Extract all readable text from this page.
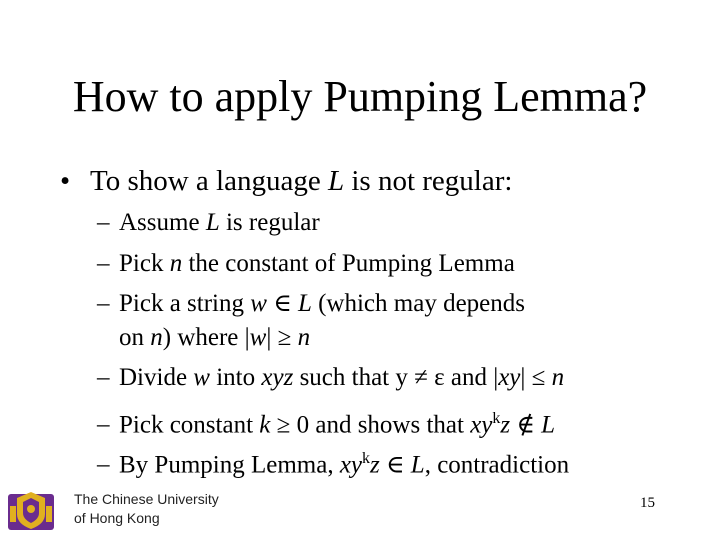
How to apply Pumping Lemma?
• To show a language L is not regular:
– Assume L is regular
– Pick n the constant of Pumping Lemma
– Pick a string w ∈ L (which may depends
on n) where |w| ≥ n
– Divide w into xyz such that y ≠ ε and |xy| ≤ n
– Pick constant k ≥ 0 and shows that $xy^kz$ ∉ L
– By Pumping Lemma, $xy^kz$ ∈ L, contradiction
The Chinese University
of Hong Kong
15
